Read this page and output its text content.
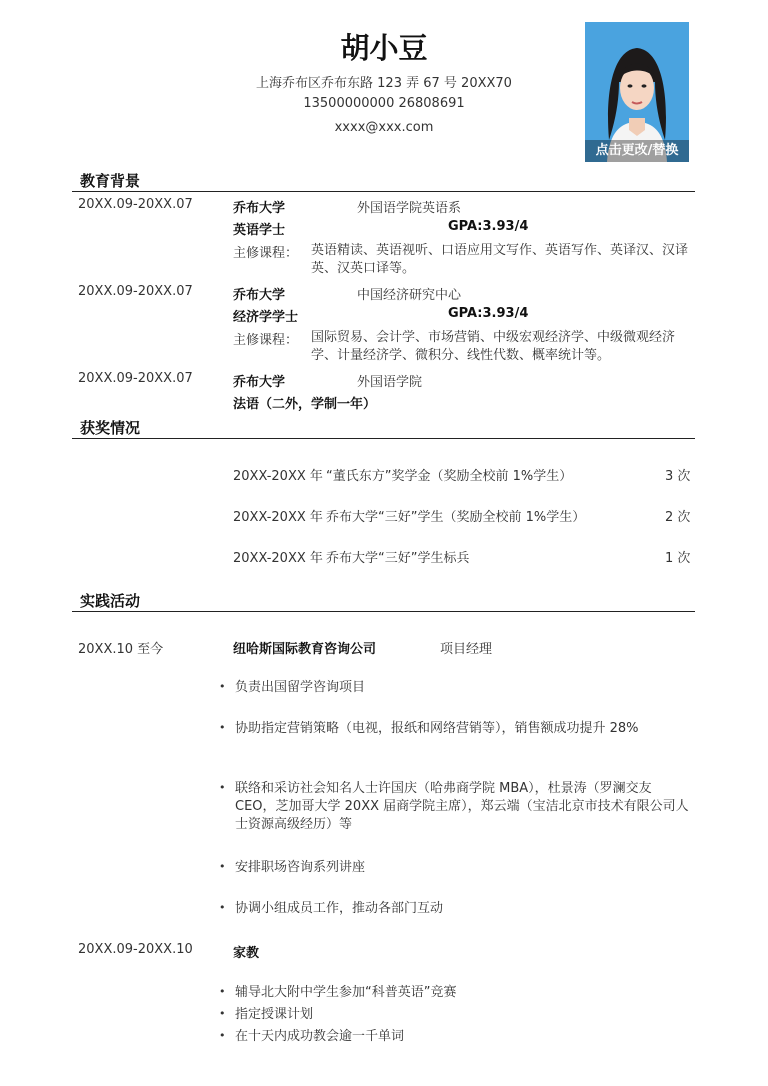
胡小豆
上海乔布区乔布东路 123 弄 67 号 20XX70
13500000000 26808691
xxxx@xxx.com
点击更改/替换
教育背景
20XX.09-20XX.07	乔布大学	外国语学院英语系
英语学士	GPA:3.93/4
主修课程： 英语精读、英语视听、口语应用文写作、英语写作、英译汉、汉译英、汉英口译等。
20XX.09-20XX.07	乔布大学	中国经济研究中心
经济学学士	GPA:3.93/4
主修课程： 国际贸易、会计学、市场营销、中级宏观经济学、中级微观经济学、计量经济学、微积分、线性代数、概率统计等。
20XX.09-20XX.07	乔布大学	外国语学院
法语（二外，学制一年）
获奖情况
20XX-20XX 年 “董氏东方”奖学金（奖励全校前 1%学生）	3 次
20XX-20XX 年 乔布大学“三好”学生（奖励全校前 1%学生）	2 次
20XX-20XX 年 乔布大学“三好”学生标兵	1 次
实践活动
20XX.10 至今	纽哈斯国际教育咨询公司	项目经理
• 负责出国留学咨询项目
• 协助指定营销策略（电视，报纸和网络营销等），销售额成功提升 28%
• 联络和采访社会知名人士许国庆（哈弗商学院 MBA），杜景涛（罗澜交友 CEO，芝加哥大学 20XX 届商学院主席），郑云端（宝洁北京市技术有限公司人士资源高级经历）等
• 安排职场咨询系列讲座
• 协调小组成员工作，推动各部门互动
20XX.09-20XX.10	家教
• 辅导北大附中学生参加“科普英语”竞赛
• 指定授课计划
• 在十天内成功教会逾一千单词
